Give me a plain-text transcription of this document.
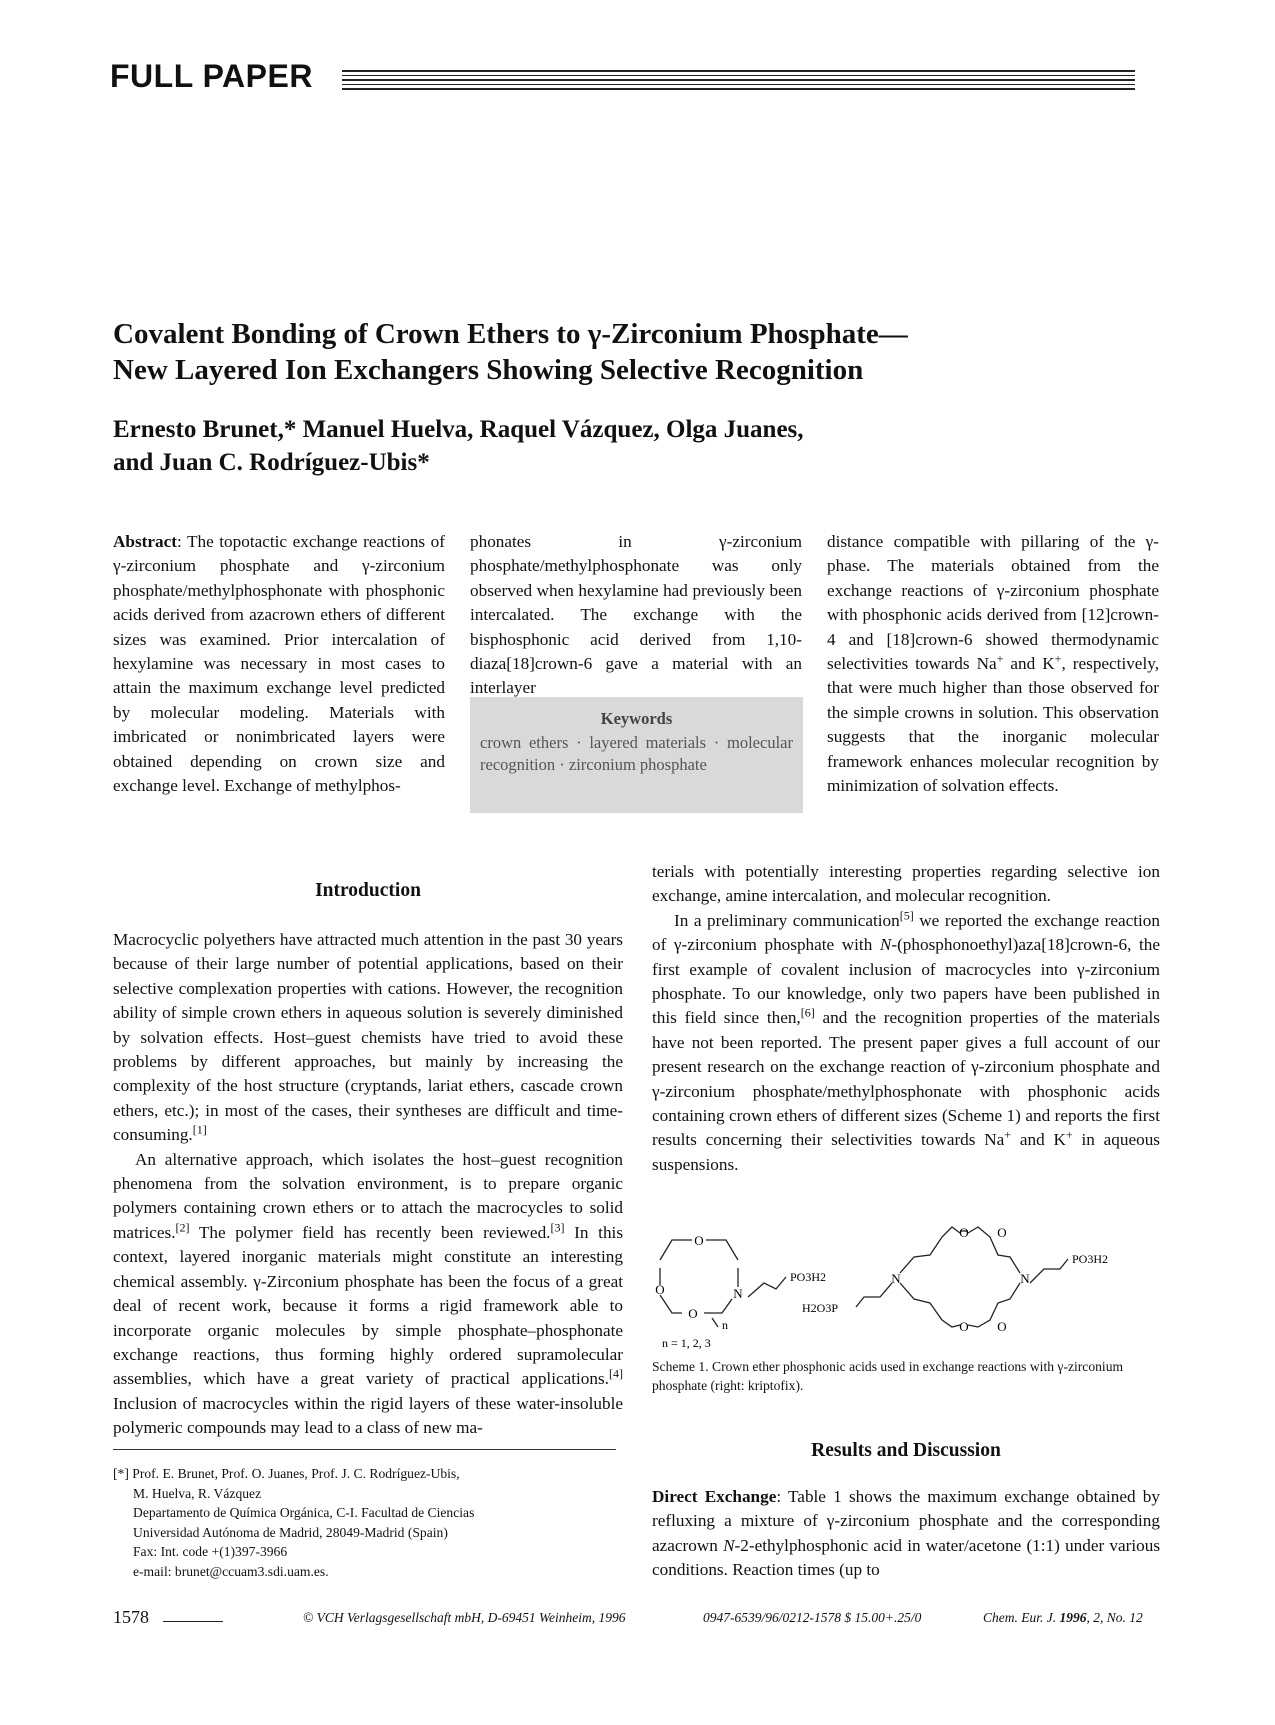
FULL PAPER
Covalent Bonding of Crown Ethers to γ-Zirconium Phosphate—
New Layered Ion Exchangers Showing Selective Recognition
Ernesto Brunet,* Manuel Huelva, Raquel Vázquez, Olga Juanes,
and Juan C. Rodríguez-Ubis*

Abstract: The topotactic exchange reactions of γ-zirconium phosphate and γ-zirconium phosphate/methylphosphonate with phosphonic acids derived from azacrown ethers of different sizes was examined. Prior intercalation of hexylamine was necessary in most cases to attain the maximum exchange level predicted by molecular modeling. Materials with imbricated or nonimbricated layers were obtained depending on crown size and exchange level. Exchange of methylphos-

phonates in γ-zirconium phosphate/methylphosphonate was only observed when hexylamine had previously been intercalated. The exchange with the bisphosphonic acid derived from 1,10-diaza[18]crown-6 gave a material with an interlayer

distance compatible with pillaring of the γ-phase. The materials obtained from the exchange reactions of γ-zirconium phosphate with phosphonic acids derived from [12]crown-4 and [18]crown-6 showed thermodynamic selectivities towards Na+ and K+, respectively, that were much higher than those observed for the simple crowns in solution. This observation suggests that the inorganic molecular framework enhances molecular recognition by minimization of solvation effects.

Keywords
crown ethers · layered materials · molecular recognition · zirconium phosphate
Introduction

Macrocyclic polyethers have attracted much attention in the past 30 years because of their large number of potential applications, based on their selective complexation properties with cations. However, the recognition ability of simple crown ethers in aqueous solution is severely diminished by solvation effects. Host–guest chemists have tried to avoid these problems by different approaches, but mainly by increasing the complexity of the host structure (cryptands, lariat ethers, cascade crown ethers, etc.); in most of the cases, their syntheses are difficult and time-consuming.[1]

An alternative approach, which isolates the host–guest recognition phenomena from the solvation environment, is to prepare organic polymers containing crown ethers or to attach the macrocycles to solid matrices.[2] The polymer field has recently been reviewed.[3] In this context, layered inorganic materials might constitute an interesting chemical assembly. γ-Zirconium phosphate has been the focus of a great deal of recent work, because it forms a rigid framework able to incorporate organic molecules by simple phosphate–phosphonate exchange reactions, thus forming highly ordered supramolecular assemblies, which have a great variety of practical applications.[4] Inclusion of macrocycles within the rigid layers of these water-insoluble polymeric compounds may lead to a class of new ma-

terials with potentially interesting properties regarding selective ion exchange, amine intercalation, and molecular recognition.

In a preliminary communication[5] we reported the exchange reaction of γ-zirconium phosphate with N-(phosphonoethyl)aza[18]crown-6, the first example of covalent inclusion of macrocycles into γ-zirconium phosphate. To our knowledge, only two papers have been published in this field since then,[6] and the recognition properties of the materials have not been reported. The present paper gives a full account of our present research on the exchange reaction of γ-zirconium phosphate and γ-zirconium phosphate/methylphosphonate with phosphonic acids containing crown ethers of different sizes (Scheme 1) and reports the first results concerning their selectivities towards Na+ and K+ in aqueous suspensions.

O
O
O
N
n
PO3H2
n = 1, 2, 3
O O
O O
N	N
PO3H2
H2O3P
Scheme 1. Crown ether phosphonic acids used in exchange reactions with γ-zirconium phosphate (right: kriptofix).
Results and Discussion

Direct Exchange: Table 1 shows the maximum exchange obtained by refluxing a mixture of γ-zirconium phosphate and the corresponding azacrown N-2-ethylphosphonic acid in water/acetone (1:1) under various conditions. Reaction times (up to

[*] Prof. E. Brunet, Prof. O. Juanes, Prof. J. C. Rodríguez-Ubis,
M. Huelva, R. Vázquez
Departamento de Química Orgánica, C-I. Facultad de Ciencias
Universidad Autónoma de Madrid, 28049-Madrid (Spain)
Fax: Int. code +(1)397-3966
e-mail: brunet@ccuam3.sdi.uam.es.
1578	© VCH Verlagsgesellschaft mbH, D-69451 Weinheim, 1996	0947-6539/96/0212-1578 $ 15.00+.25/0	Chem. Eur. J. 1996, 2, No. 12
